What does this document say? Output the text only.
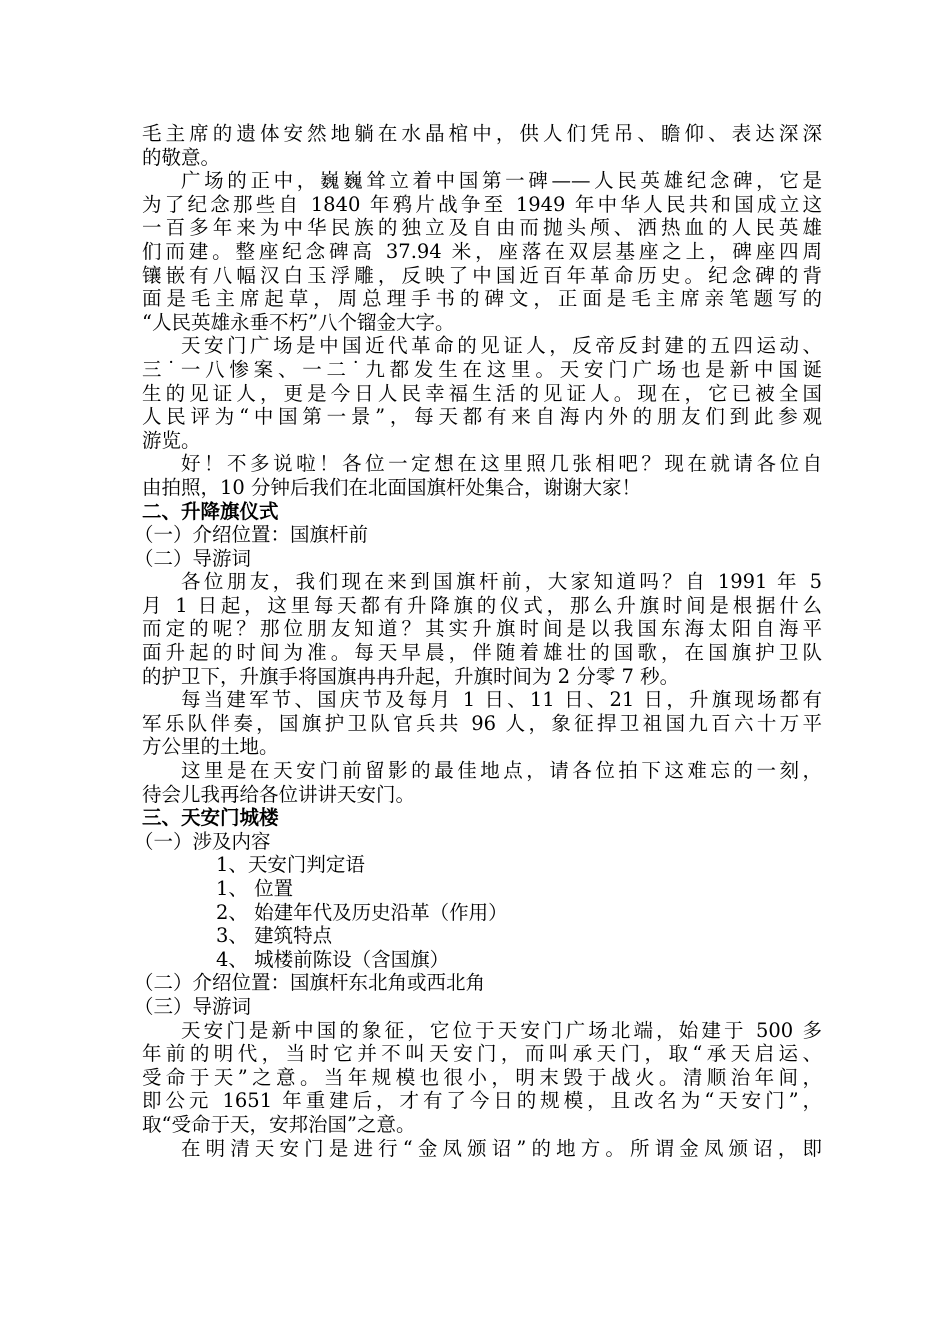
毛主席的遗体安然地躺在水晶棺中，供人们凭吊、瞻仰、表达深深
的敬意。
广场的正中，巍巍耸立着中国第一碑——人民英雄纪念碑，它是
为了纪念那些自 1840 年鸦片战争至 1949 年中华人民共和国成立这
一百多年来为中华民族的独立及自由而抛头颅、洒热血的人民英雄
们而建。整座纪念碑高 37.94 米，座落在双层基座之上，碑座四周
镶嵌有八幅汉白玉浮雕，反映了中国近百年革命历史。纪念碑的背
面是毛主席起草，周总理手书的碑文，正面是毛主席亲笔题写的
“人民英雄永垂不朽”八个镏金大字。
天安门广场是中国近代革命的见证人，反帝反封建的五四运动、
三˙一八惨案、一二˙九都发生在这里。天安门广场也是新中国诞
生的见证人，更是今日人民幸福生活的见证人。现在，它已被全国
人民评为“中国第一景”，每天都有来自海内外的朋友们到此参观
游览。
好！不多说啦！各位一定想在这里照几张相吧？现在就请各位自
由拍照，10 分钟后我们在北面国旗杆处集合，谢谢大家！
二、升降旗仪式
（一）介绍位置：国旗杆前
（二）导游词
各位朋友，我们现在来到国旗杆前，大家知道吗？自 1991 年 5
月 1 日起，这里每天都有升降旗的仪式，那么升旗时间是根据什么
而定的呢？那位朋友知道？其实升旗时间是以我国东海太阳自海平
面升起的时间为准。每天早晨，伴随着雄壮的国歌，在国旗护卫队
的护卫下，升旗手将国旗冉冉升起，升旗时间为 2 分零 7 秒。
每当建军节、国庆节及每月 1 日、11 日、21 日，升旗现场都有
军乐队伴奏，国旗护卫队官兵共 96 人，象征捍卫祖国九百六十万平
方公里的土地。
这里是在天安门前留影的最佳地点，请各位拍下这难忘的一刻，
待会儿我再给各位讲讲天安门。
三、天安门城楼
（一）涉及内容
1、天安门判定语
1、 位置
2、 始建年代及历史沿革（作用）
3、 建筑特点
4、 城楼前陈设（含国旗）
（二）介绍位置：国旗杆东北角或西北角
（三）导游词
天安门是新中国的象征，它位于天安门广场北端，始建于 500 多
年前的明代，当时它并不叫天安门，而叫承天门，取“承天启运、
受命于天”之意。当年规模也很小，明末毁于战火。清顺治年间，
即公元 1651 年重建后，才有了今日的规模，且改名为“天安门”，
取“受命于天，安邦治国”之意。
在明清天安门是进行“金凤颁诏”的地方。所谓金凤颁诏，即
